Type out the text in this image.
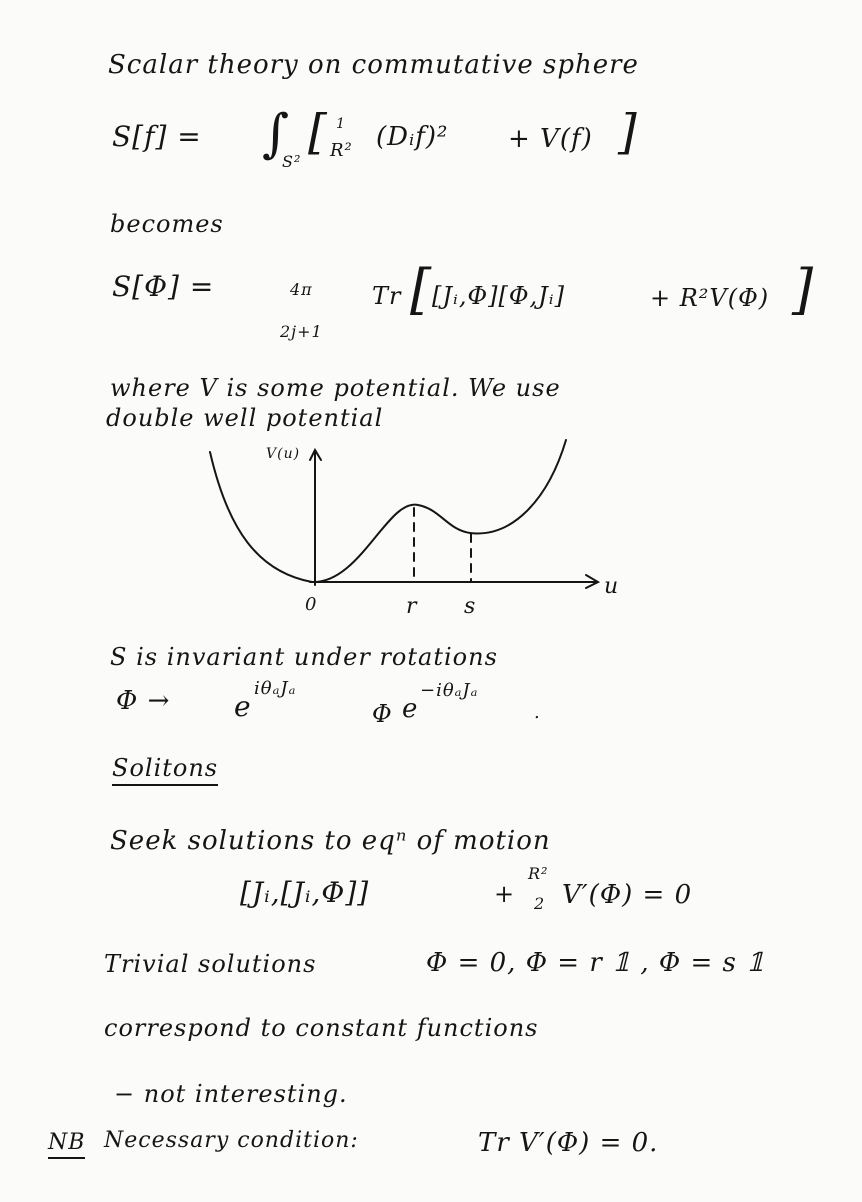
Scalar theory on commutative sphere
S[f] = ∫
S²
[ 1
R² (Dᵢf)² + V(f) ]
becomes
S[Φ] =	4π
2j+1
Tr [ [Jᵢ,Φ][Φ,Jᵢ]	+ R²V(Φ) ]
where V is some potential. We use
double well potential
V(u)
u
0	r s
S is invariant under rotations
Φ → e
iθₐJₐ
Φ e
−iθₐJₐ
.
Solitons
Seek solutions to eqⁿ of motion
[Jᵢ,[Jᵢ,Φ]]	+
R²
2 V′(Φ) = 0
Trivial solutions	Φ = 0, Φ = r 𝟙 , Φ = s 𝟙
correspond to constant functions
− not interesting.
NB Necessary condition:	Tr V′(Φ) = 0.
